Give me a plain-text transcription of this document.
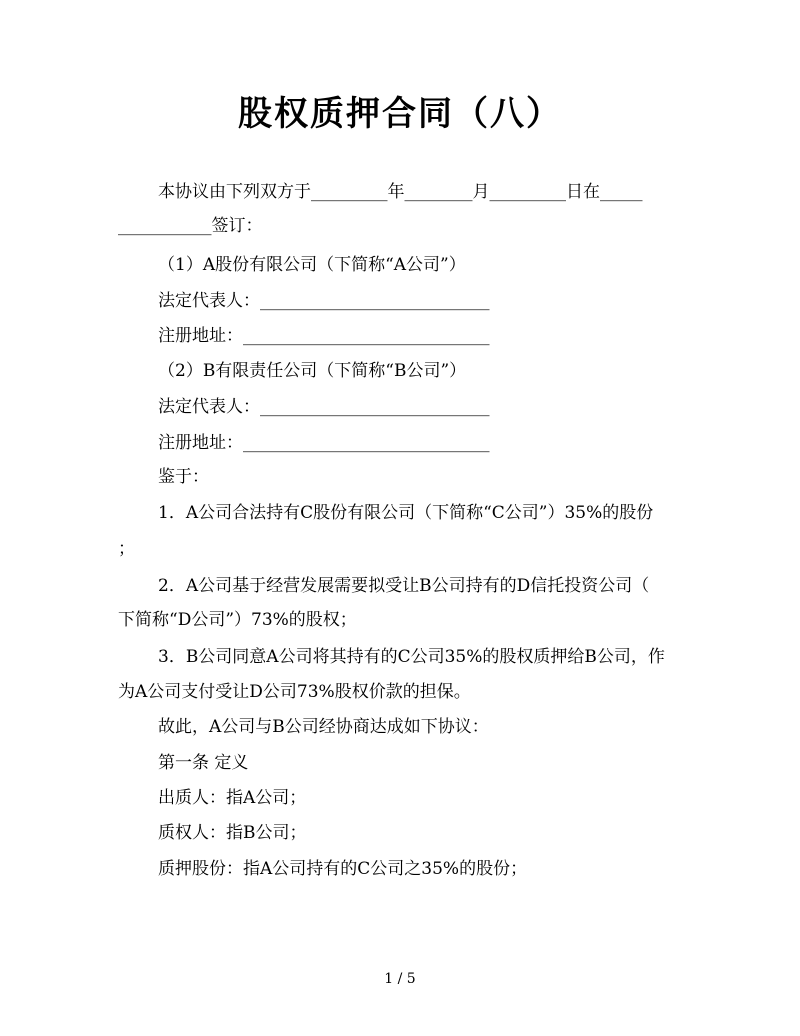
股权质押合同（八）
本协议由下列双方于_________年________月_________日在_____
___________签订：
（1）A股份有限公司（下简称“A公司”）
法定代表人：___________________________
注册地址：_____________________________
（2）B有限责任公司（下简称“B公司”）
法定代表人：___________________________
注册地址：_____________________________
鉴于：
1．A公司合法持有C股份有限公司（下简称“C公司”）35%的股份
；
2．A公司基于经营发展需要拟受让B公司持有的D信托投资公司（
下简称“D公司”）73%的股权；
3．B公司同意A公司将其持有的C公司35%的股权质押给B公司，作
为A公司支付受让D公司73%股权价款的担保。
故此，A公司与B公司经协商达成如下协议：
第一条 定义
出质人：指A公司；
质权人：指B公司；
质押股份：指A公司持有的C公司之35%的股份；
1 / 5
